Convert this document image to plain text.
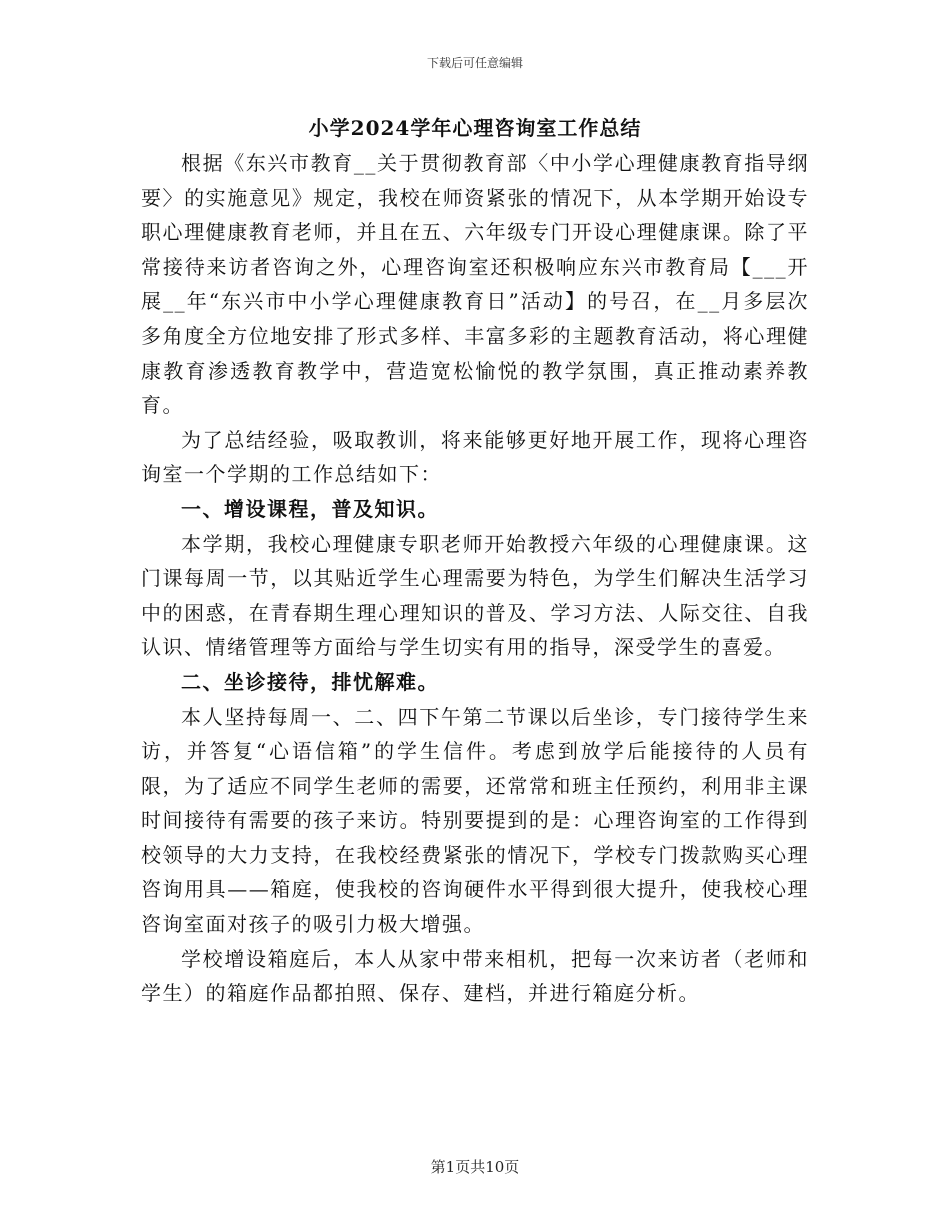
下载后可任意编辑
小学2024学年心理咨询室工作总结

根据《东兴市教育__关于贯彻教育部〈中小学心理健康教育指导纲要〉的实施意见》规定，我校在师资紧张的情况下，从本学期开始设专职心理健康教育老师，并且在五、六年级专门开设心理健康课。除了平常接待来访者咨询之外，心理咨询室还积极响应东兴市教育局【___开展__年“东兴市中小学心理健康教育日”活动】的号召，在__月多层次多角度全方位地安排了形式多样、丰富多彩的主题教育活动，将心理健康教育渗透教育教学中，营造宽松愉悦的教学氛围，真正推动素养教育。

为了总结经验，吸取教训，将来能够更好地开展工作，现将心理咨询室一个学期的工作总结如下：

一、增设课程，普及知识。

本学期，我校心理健康专职老师开始教授六年级的心理健康课。这门课每周一节，以其贴近学生心理需要为特色，为学生们解决生活学习中的困惑，在青春期生理心理知识的普及、学习方法、人际交往、自我认识、情绪管理等方面给与学生切实有用的指导，深受学生的喜爱。

二、坐诊接待，排忧解难。

本人坚持每周一、二、四下午第二节课以后坐诊，专门接待学生来访，并答复“心语信箱”的学生信件。考虑到放学后能接待的人员有限，为了适应不同学生老师的需要，还常常和班主任预约，利用非主课时间接待有需要的孩子来访。特别要提到的是：心理咨询室的工作得到校领导的大力支持，在我校经费紧张的情况下，学校专门拨款购买心理咨询用具——箱庭，使我校的咨询硬件水平得到很大提升，使我校心理咨询室面对孩子的吸引力极大增强。

学校增设箱庭后，本人从家中带来相机，把每一次来访者（老师和学生）的箱庭作品都拍照、保存、建档，并进行箱庭分析。

第1页共10页
